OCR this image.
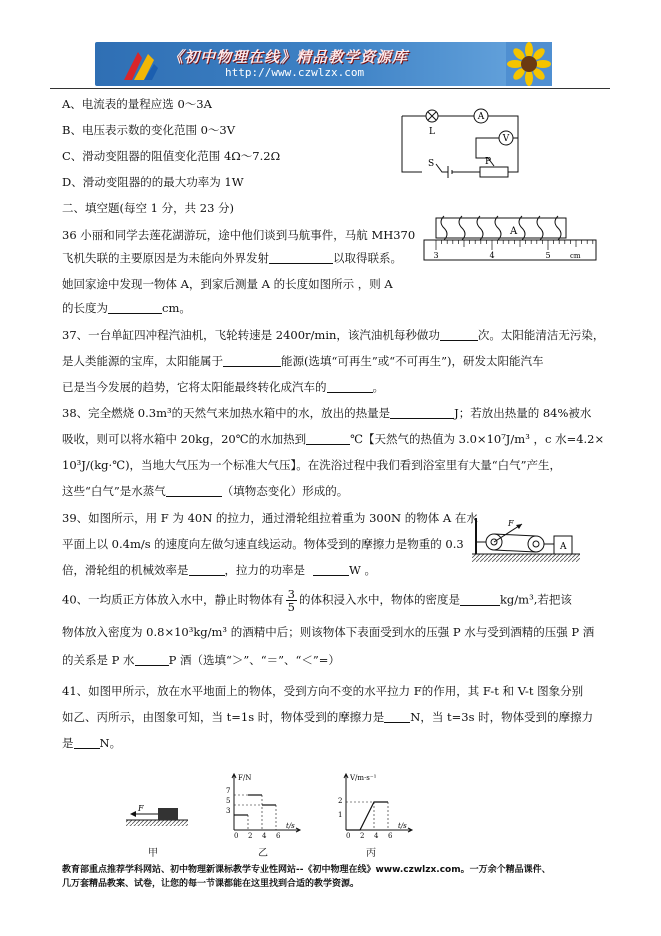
《初中物理在线》精品教学资源库
http://www.czwlzx.com
A、电流表的量程应选 0～3A
B、电压表示数的变化范围 0～3V
C、滑动变阻器的阻值变化范围 4Ω～7.2Ω
D、滑动变阻器的的最大功率为 1W
L
A
V
S	P
二、填空题(每空 1 分，共 23 分)
36 小丽和同学去莲花湖游玩，途中他们谈到马航事件，马航 MH370
飞机失联的主要原因是为未能向外界发射	以取得联系。
她回家途中发现一物体 A，到家后测量 A 的长度如图所示 ，则 A
的长度为	cm。
A
3	4	5	cm
37、一台单缸四冲程汽油机，飞轮转速是 2400r/min，该汽油机每秒做功	次。太阳能清洁无污染，
是人类能源的宝库，太阳能属于	能源(选填“可再生”或“不可再生”)，研发太阳能汽车
已是当今发展的趋势，它将太阳能最终转化成汽车的	。
38、完全燃烧 0.3m³的天然气来加热水箱中的水，放出的热量是	J；若放出热量的 84%被水
吸收，则可以将水箱中 20kg，20℃的水加热到	℃【天然气的热值为 3.0×10⁷J/m³ ，c 水=4.2×
10³J/(kg·℃)，当地大气压为一个标准大气压】。在洗浴过程中我们看到浴室里有大量“白气”产生，
这些“白气”是水蒸气	（填物态变化）形成的。
39、如图所示，用 F 为 40N 的拉力，通过滑轮组拉着重为 300N 的物体 A 在水
平面上以 0.4m/s 的速度向左做匀速直线运动。物体受到的摩擦力是物重的 0.3
倍，滑轮组的机械效率是	，拉力的功率是	W 。
F
A
40、一均质正方体放入水中，静止时物体有 $\frac{3}{5}$ 的体积浸入水中，物体的密度是	kg/m³,若把该
物体放入密度为 0.8×10³kg/m³ 的酒精中后；则该物体下表面受到水的压强 P 水与受到酒精的压强 P 酒
的关系是 P 水	P 酒（选填“＞”、“＝”、“＜”=）
41、如图甲所示，放在水平地面上的物体，受到方向不变的水平拉力 F的作用，其 F-t 和 V-t 图象分别
如乙、丙所示，由图象可知，当 t=1s 时，物体受到的摩擦力是 N，当 t=3s 时，物体受到的摩擦力
是 N。
F
甲
F/N
t/s
7
5
3
0 2 4 6
乙
V/m·s⁻¹
t/s
2
1
0 2 4 6
丙
教育部重点推荐学科网站、初中物理新课标教学专业性网站--《初中物理在线》www.czwlzx.com。一万余个精品课件、
几万套精品教案、试卷，让您的每一节课都能在这里找到合适的教学资源。
